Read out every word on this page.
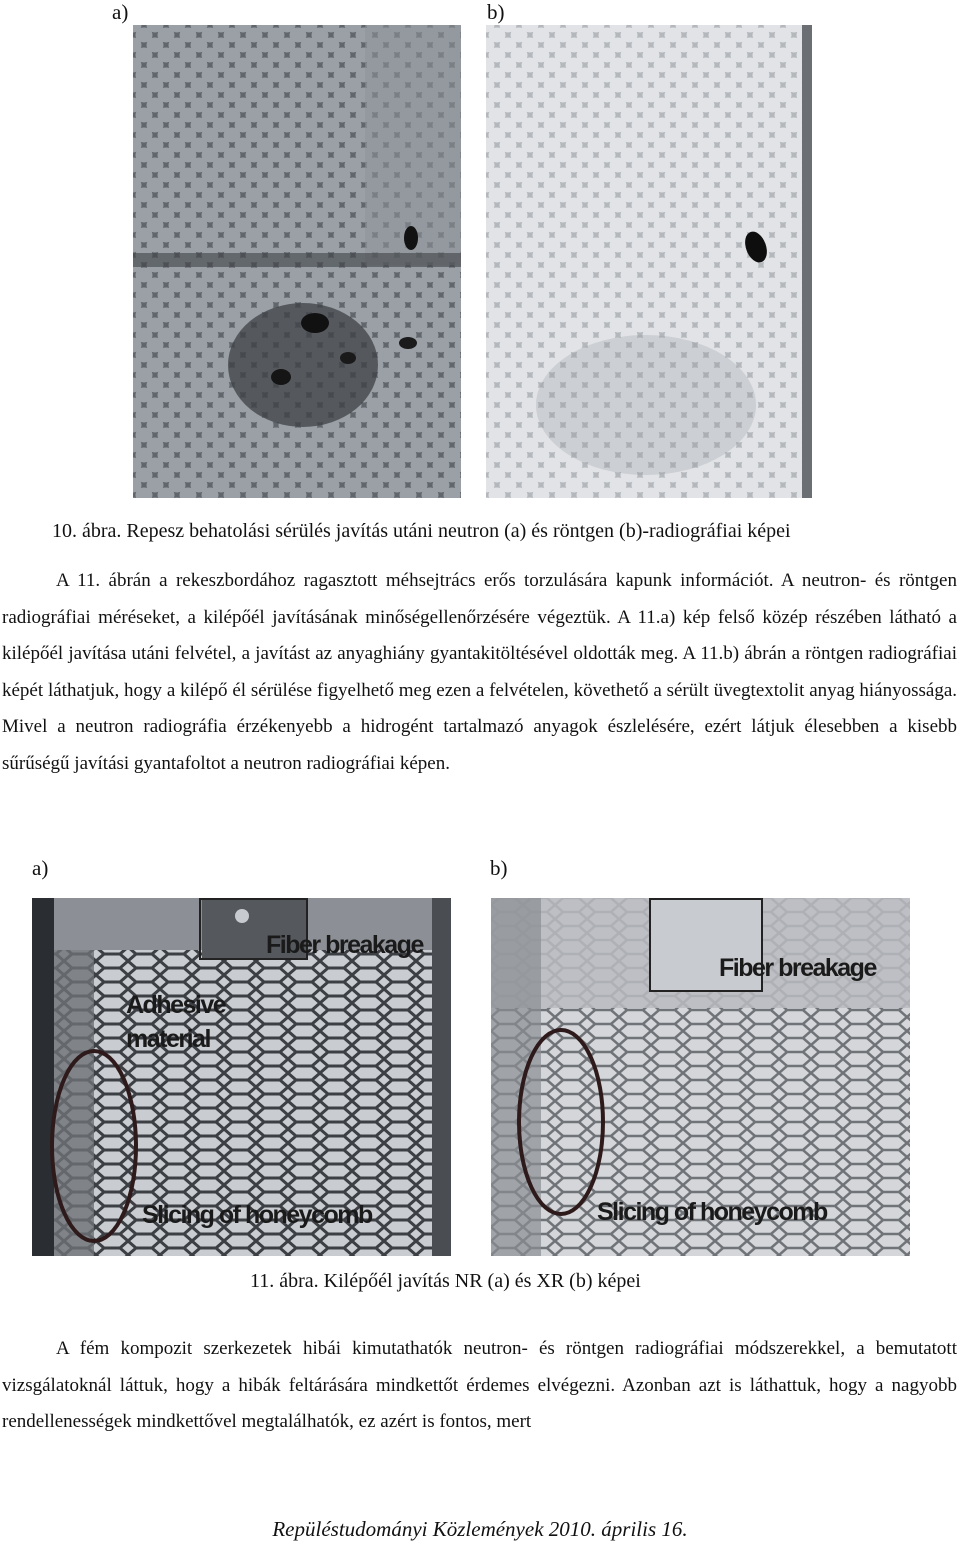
a)	b)
10. ábra. Repesz behatolási sérülés javítás utáni neutron (a) és röntgen (b)-radiográfiai képei

A 11. ábrán a rekeszbordához ragasztott méhsejtrács erős torzulására kapunk információt. A neutron- és röntgen radiográfiai méréseket, a kilépőél javításának minőségellenőrzésére végeztük. A 11.a) kép felső közép részében látható a kilépőél javítása utáni felvétel, a javítást az anyaghiány gyantakitöltésével oldották meg. A 11.b) ábrán a röntgen radiográfiai képét láthatjuk, hogy a kilépő él sérülése figyelhető meg ezen a felvételen, követhető a sérült üvegtextolit anyag hiányossága. Mivel a neutron radiográfia érzékenyebb a hidrogént tartalmazó anyagok észlelésére, ezért látjuk élesebben a kisebb sűrűségű javítási gyantafoltot a neutron radiográfiai képen.

a)	b)
Fiber breakage
Adhesive material
Slicing of honeycomb
Fiber breakage
Slicing of honeycomb
11. ábra. Kilépőél javítás NR (a) és XR (b) képei

A fém kompozit szerkezetek hibái kimutathatók neutron- és röntgen radiográfiai módszerekkel, a bemutatott vizsgálatoknál láttuk, hogy a hibák feltárására mindkettőt érdemes elvégezni. Azonban azt is láthattuk, hogy a nagyobb rendellenességek mindkettővel megtalálhatók, ez azért is fontos, mert

Repüléstudományi Közlemények 2010. április 16.
